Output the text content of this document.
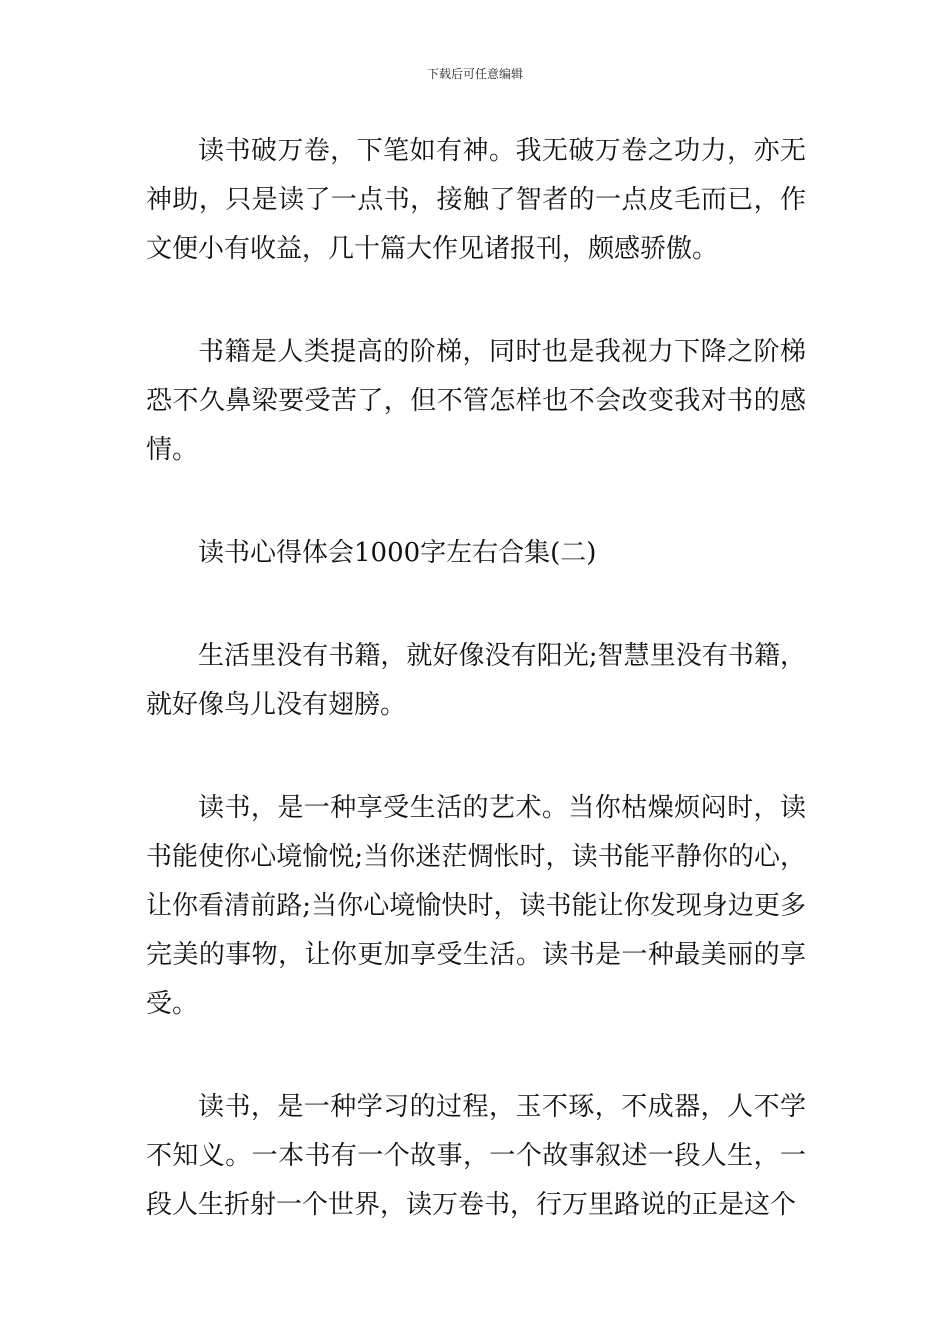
下载后可任意编辑

读书破万卷，下笔如有神。我无破万卷之功力，亦无神助，只是读了一点书，接触了智者的一点皮毛而已，作文便小有收益，几十篇大作见诸报刊，颇感骄傲。

书籍是人类提高的阶梯，同时也是我视力下降之阶梯恐不久鼻梁要受苦了，但不管怎样也不会改变我对书的感情。

读书心得体会1000字左右合集(二)

生活里没有书籍，就好像没有阳光;智慧里没有书籍，就好像鸟儿没有翅膀。

读书，是一种享受生活的艺术。当你枯燥烦闷时，读书能使你心境愉悦;当你迷茫惆怅时，读书能平静你的心，让你看清前路;当你心境愉快时，读书能让你发现身边更多完美的事物，让你更加享受生活。读书是一种最美丽的享受。

读书，是一种学习的过程，玉不琢，不成器，人不学不知义。一本书有一个故事，一个故事叙述一段人生，一段人生折射一个世界，读万卷书，行万里路说的正是这个
